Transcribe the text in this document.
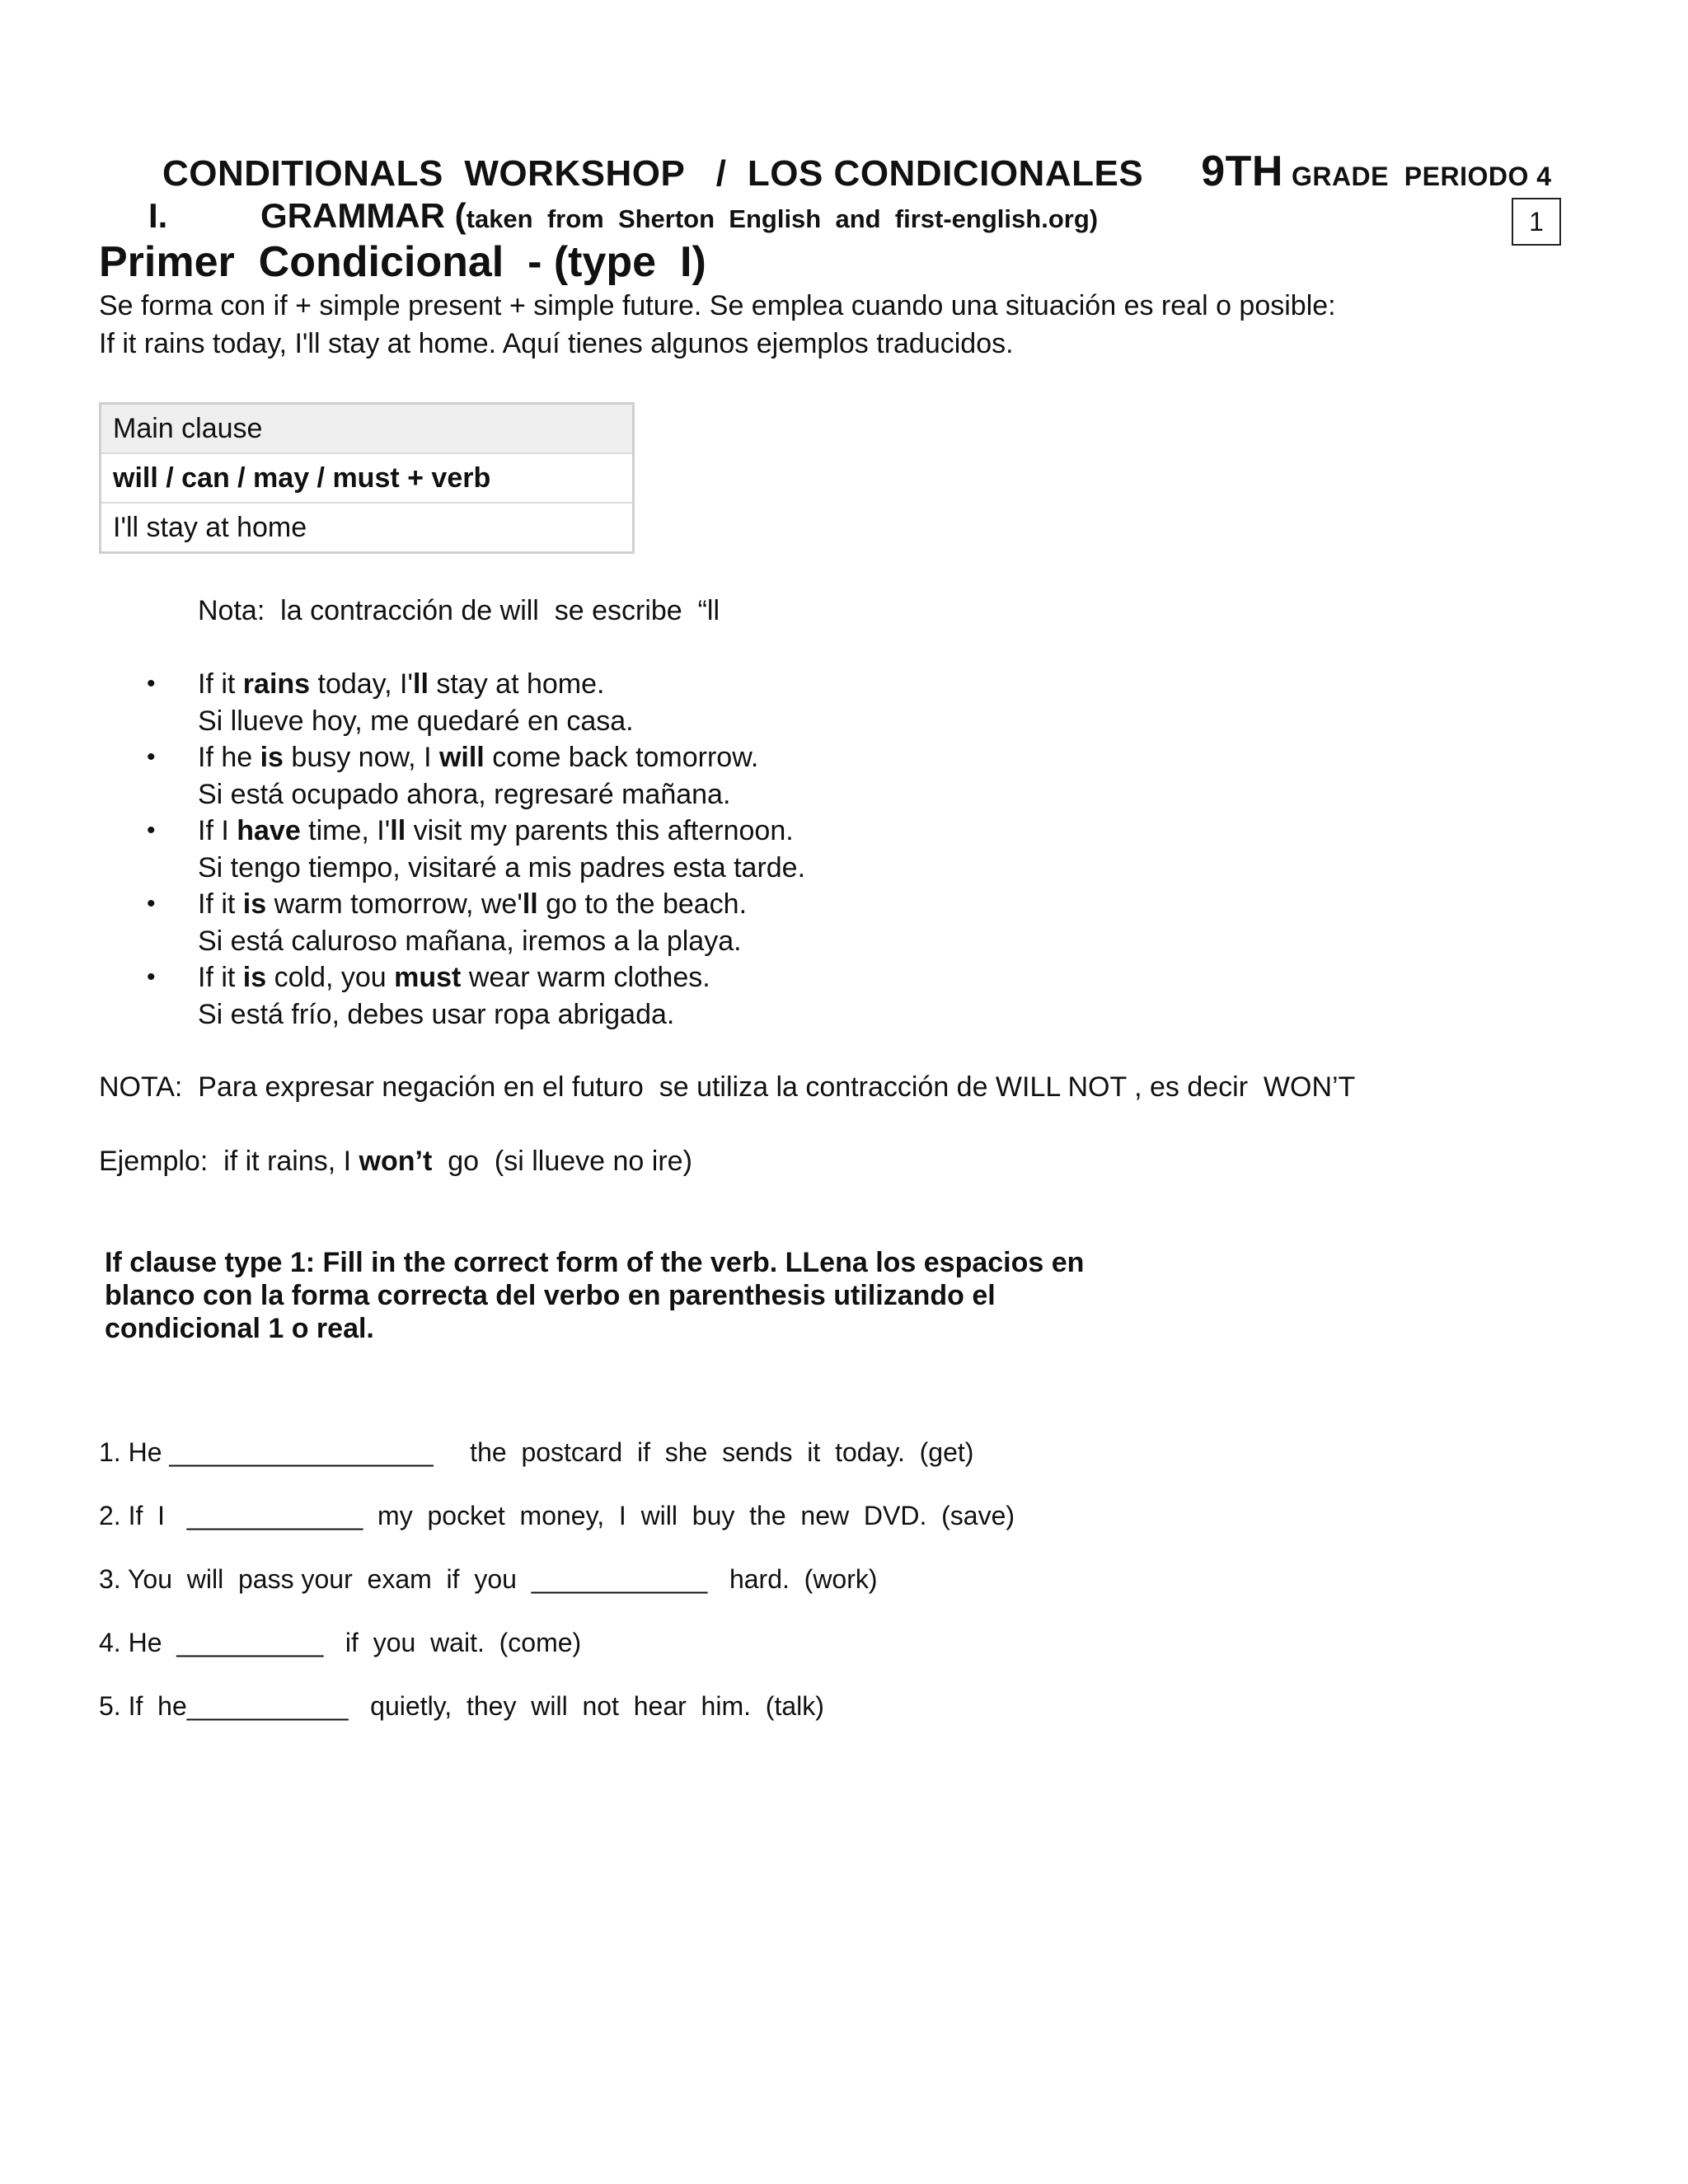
CONDITIONALS  WORKSHOP   /  LOS CONDICIONALES 9TH GRADE  PERIODO 4
I.	GRAMMAR (taken  from  Sherton  English  and  first-english.org)	1
Primer  Condicional  - (type  I)
Se forma con if + simple present + simple future. Se emplea cuando una situación es real o posible:
If it rains today, I'll stay at home. Aquí tienes algunos ejemplos traducidos.
Main clause
will / can / may / must + verb
I'll stay at home
Nota:  la contracción de will  se escribe  “ll
• If it rains today, I'll stay at home.
Si llueve hoy, me quedaré en casa.
• If he is busy now, I will come back tomorrow.
Si está ocupado ahora, regresaré mañana.
• If I have time, I'll visit my parents this afternoon.
Si tengo tiempo, visitaré a mis padres esta tarde.
• If it is warm tomorrow, we'll go to the beach.
Si está caluroso mañana, iremos a la playa.
• If it is cold, you must wear warm clothes.
Si está frío, debes usar ropa abrigada.
NOTA:  Para expresar negación en el futuro  se utiliza la contracción de WILL NOT , es decir  WON’T
Ejemplo:  if it rains, I won’t  go  (si llueve no ire)
If clause type 1: Fill in the correct form of the verb. LLena los espacios en blanco con la forma correcta del verbo en parenthesis utilizando el condicional 1 o real.
1. He __________________     the  postcard  if  she  sends  it  today.  (get)
2. If  I   ____________  my  pocket  money,  I  will  buy  the  new  DVD.  (save)
3. You  will  pass your  exam  if  you  ____________   hard.  (work)
4. He  __________   if  you  wait.  (come)
5. If  he___________   quietly,  they  will  not  hear  him.  (talk)
